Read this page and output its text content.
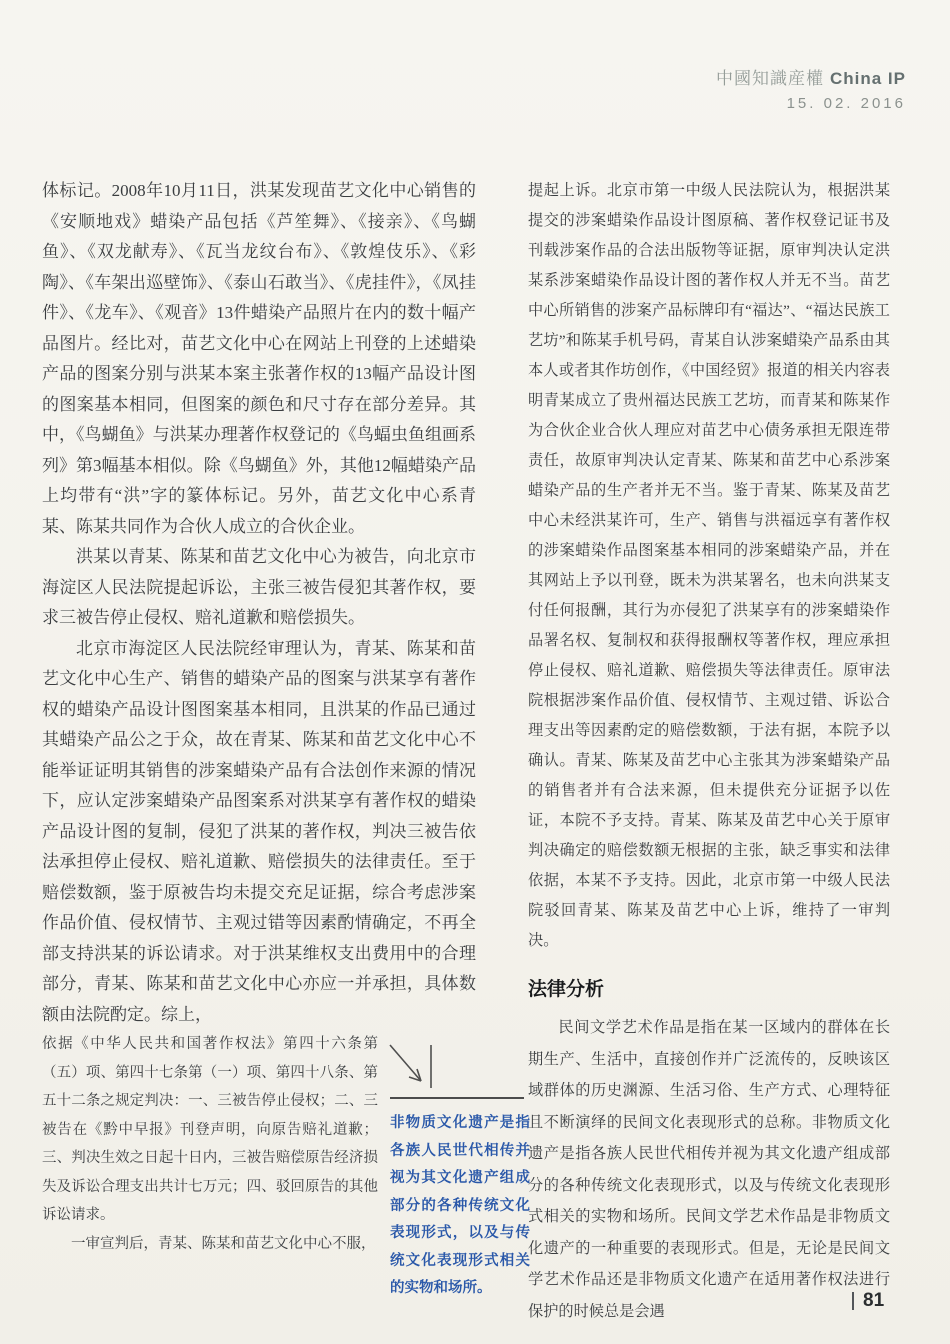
中國知識産權 China IP
15. 02. 2016

体标记。2008年10月11日，洪某发现苗艺文化中心销售的《安顺地戏》蜡染产品包括《芦笙舞》、《接亲》、《鸟蝴鱼》、《双龙献寿》、《瓦当龙纹台布》、《敦煌伎乐》、《彩陶》、《车架出巡壁饰》、《泰山石敢当》、《虎挂件》，《凤挂件》、《龙车》、《观音》13件蜡染产品照片在内的数十幅产品图片。经比对，苗艺文化中心在网站上刊登的上述蜡染产品的图案分别与洪某本案主张著作权的13幅产品设计图的图案基本相同，但图案的颜色和尺寸存在部分差异。其中，《鸟蝴鱼》与洪某办理著作权登记的《鸟蝠虫鱼组画系列》第3幅基本相似。除《鸟蝴鱼》外，其他12幅蜡染产品上均带有“洪”字的篆体标记。另外，苗艺文化中心系青某、陈某共同作为合伙人成立的合伙企业。

洪某以青某、陈某和苗艺文化中心为被告，向北京市海淀区人民法院提起诉讼，主张三被告侵犯其著作权，要求三被告停止侵权、赔礼道歉和赔偿损失。

北京市海淀区人民法院经审理认为，青某、陈某和苗艺文化中心生产、销售的蜡染产品的图案与洪某享有著作权的蜡染产品设计图图案基本相同，且洪某的作品已通过其蜡染产品公之于众，故在青某、陈某和苗艺文化中心不能举证证明其销售的涉案蜡染产品有合法创作来源的情况下，应认定涉案蜡染产品图案系对洪某享有著作权的蜡染产品设计图的复制，侵犯了洪某的著作权，判决三被告依法承担停止侵权、赔礼道歉、赔偿损失的法律责任。至于赔偿数额，鉴于原被告均未提交充足证据，综合考虑涉案作品价值、侵权情节、主观过错等因素酌情确定，不再全部支持洪某的诉讼请求。对于洪某维权支出费用中的合理部分，青某、陈某和苗艺文化中心亦应一并承担，具体数额由法院酌定。综上，

依据《中华人民共和国著作权法》第四十六条第（五）项、第四十七条第（一）项、第四十八条、第五十二条之规定判决：一、三被告停止侵权；二、三被告在《黔中早报》刊登声明，向原告赔礼道歉；三、判决生效之日起十日内，三被告赔偿原告经济损失及诉讼合理支出共计七万元；四、驳回原告的其他诉讼请求。

一审宣判后，青某、陈某和苗艺文化中心不服，

提起上诉。北京市第一中级人民法院认为，根据洪某提交的涉案蜡染作品设计图原稿、著作权登记证书及刊载涉案作品的合法出版物等证据，原审判决认定洪某系涉案蜡染作品设计图的著作权人并无不当。苗艺中心所销售的涉案产品标牌印有“福达”、“福达民族工艺坊”和陈某手机号码，青某自认涉案蜡染产品系由其本人或者其作坊创作，《中国经贸》报道的相关内容表明青某成立了贵州福达民族工艺坊，而青某和陈某作为合伙企业合伙人理应对苗艺中心债务承担无限连带责任，故原审判决认定青某、陈某和苗艺中心系涉案蜡染产品的生产者并无不当。鉴于青某、陈某及苗艺中心未经洪某许可，生产、销售与洪福远享有著作权的涉案蜡染作品图案基本相同的涉案蜡染产品，并在其网站上予以刊登，既未为洪某署名，也未向洪某支付任何报酬，其行为亦侵犯了洪某享有的涉案蜡染作品署名权、复制权和获得报酬权等著作权，理应承担停止侵权、赔礼道歉、赔偿损失等法律责任。原审法院根据涉案作品价值、侵权情节、主观过错、诉讼合理支出等因素酌定的赔偿数额，于法有据，本院予以确认。青某、陈某及苗艺中心主张其为涉案蜡染产品的销售者并有合法来源，但未提供充分证据予以佐证，本院不予支持。青某、陈某及苗艺中心关于原审判决确定的赔偿数额无根据的主张，缺乏事实和法律依据，本某不予支持。因此，北京市第一中级人民法院驳回青某、陈某及苗艺中心上诉，维持了一审判决。

法律分析

民间文学艺术作品是指在某一区域内的群体在长期生产、生活中，直接创作并广泛流传的，反映该区域群体的历史渊源、生活习俗、生产方式、心理特征且不断演绎的民间文化表现形式的总称。非物质文化遗产是指各族人民世代相传并视为其文化遗产组成部分的各种传统文化表现形式，以及与传统文化表现形式相关的实物和场所。民间文学艺术作品是非物质文化遗产的一种重要的表现形式。但是，无论是民间文学艺术作品还是非物质文化遗产在适用著作权法进行保护的时候总是会遇

非物质文化遗产是指各族人民世代相传并视为其文化遗产组成部分的各种传统文化表现形式，以及与传统文化表现形式相关的实物和场所。

81
